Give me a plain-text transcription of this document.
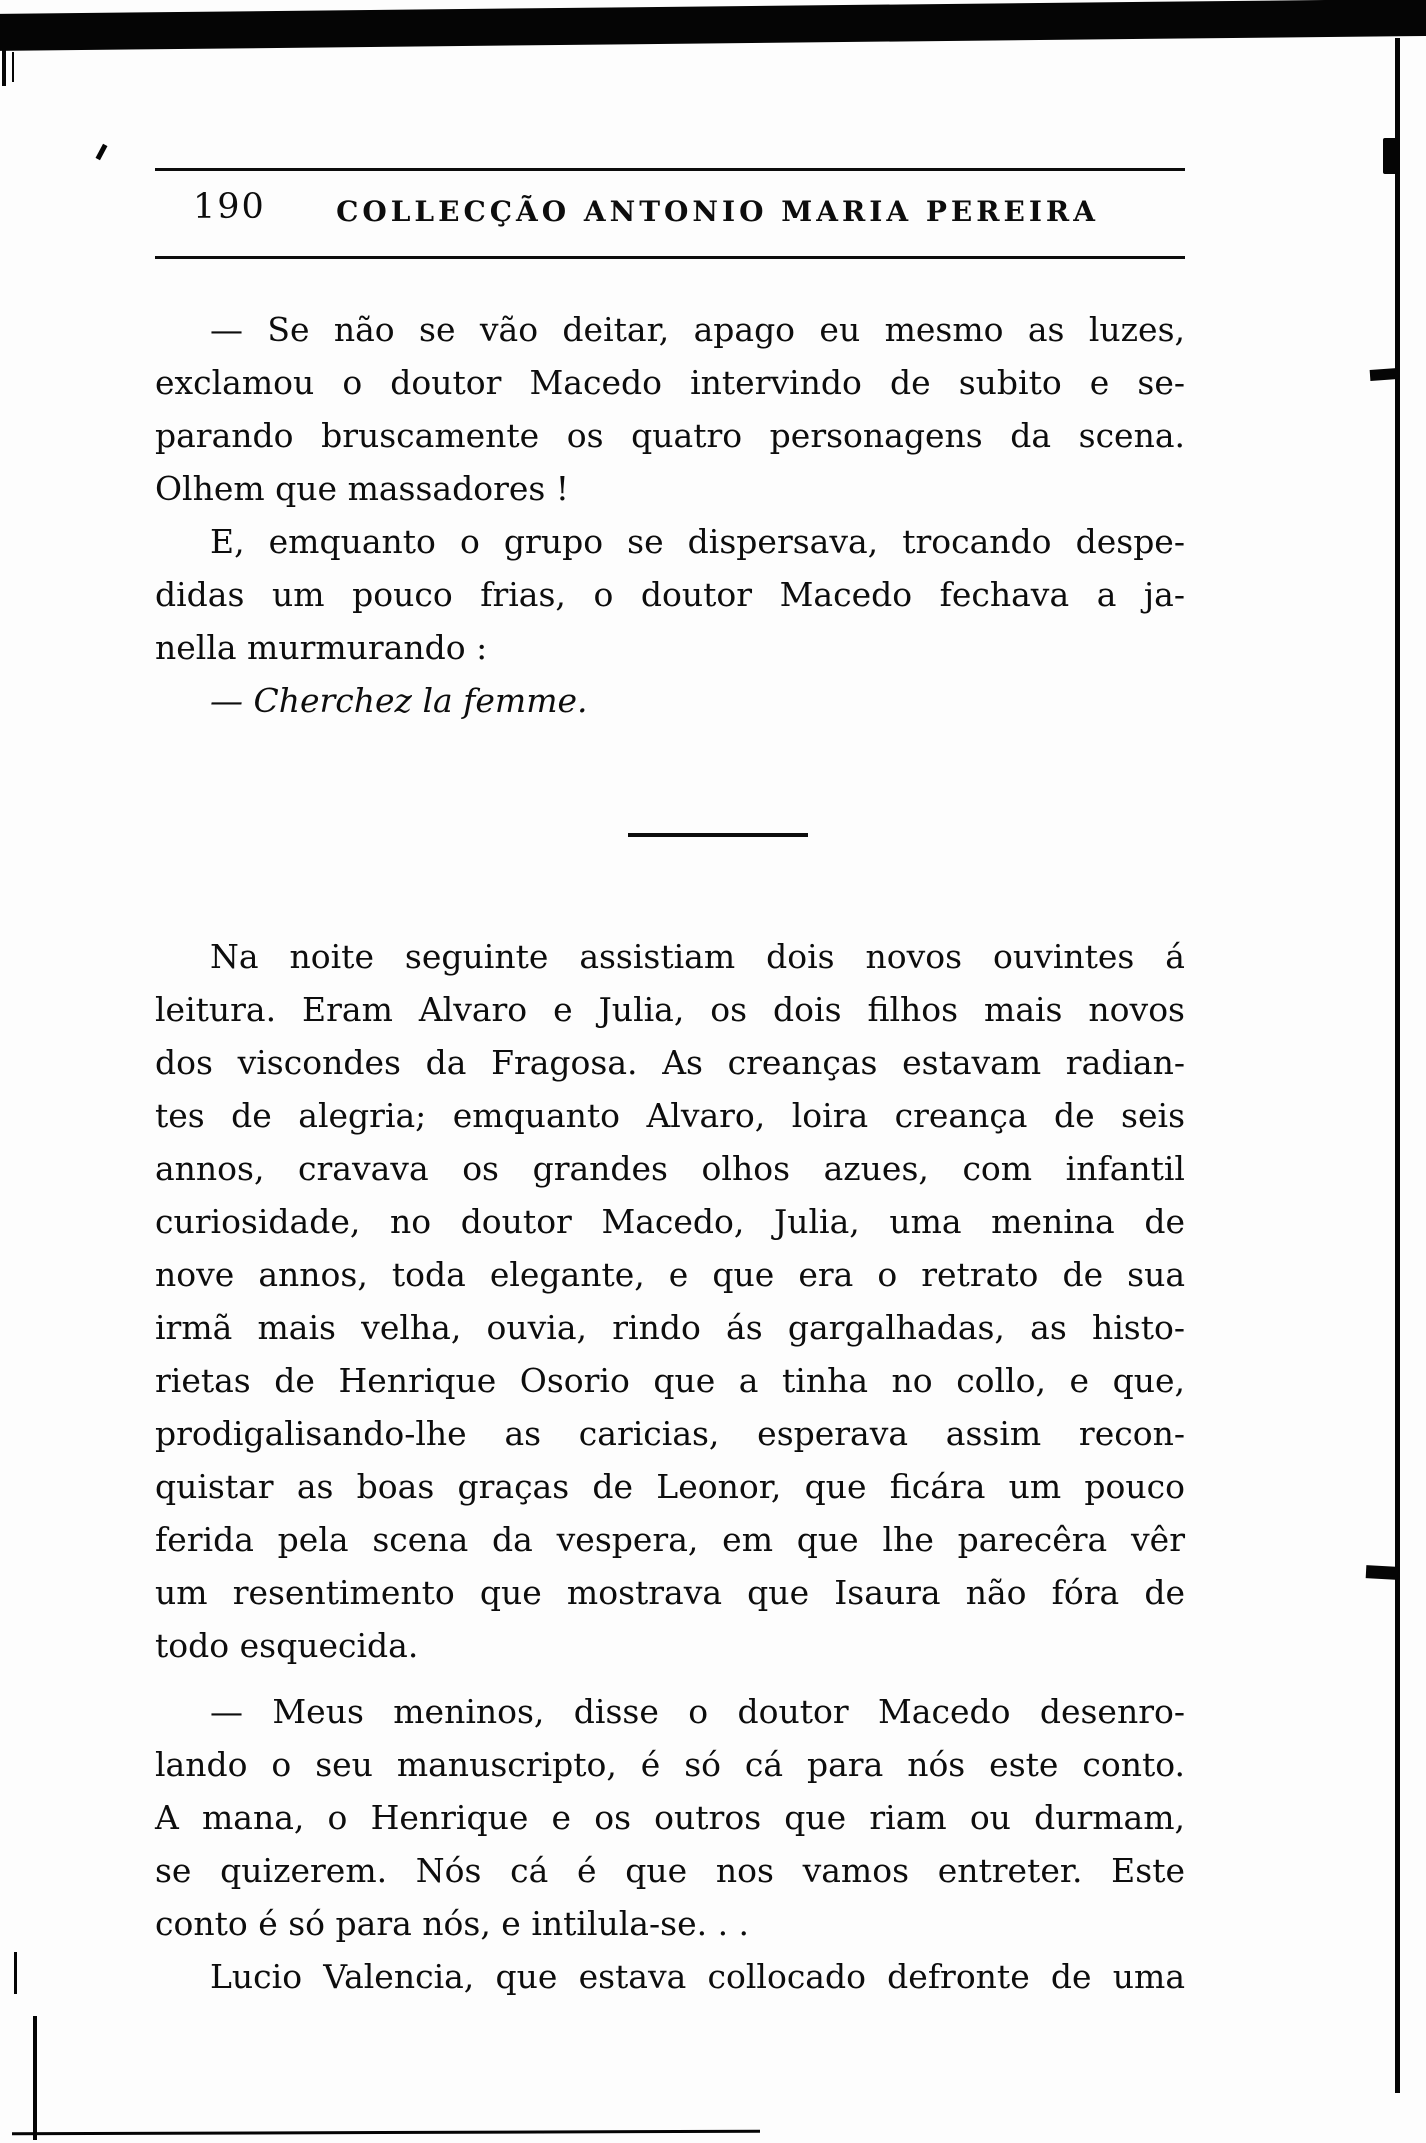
190	COLLECÇÃO ANTONIO MARIA PEREIRA
— Se não se vão deitar, apago eu mesmo as luzes,
exclamou o doutor Macedo intervindo de subito e se-
parando bruscamente os quatro personagens da scena.
Olhem que massadores !
E, emquanto o grupo se dispersava, trocando despe-
didas um pouco frias, o doutor Macedo fechava a ja-
nella murmurando :
— Cherchez la femme.
Na noite seguinte assistiam dois novos ouvintes á
leitura. Eram Alvaro e Julia, os dois filhos mais novos
dos viscondes da Fragosa. As creanças estavam radian-
tes de alegria; emquanto Alvaro, loira creança de seis
annos, cravava os grandes olhos azues, com infantil
curiosidade, no doutor Macedo, Julia, uma menina de
nove annos, toda elegante, e que era o retrato de sua
irmã mais velha, ouvia, rindo ás gargalhadas, as histo-
rietas de Henrique Osorio que a tinha no collo, e que,
prodigalisando-lhe as caricias, esperava assim recon-
quistar as boas graças de Leonor, que ficára um pouco
ferida pela scena da vespera, em que lhe parecêra vêr
um resentimento que mostrava que Isaura não fóra de
todo esquecida.
— Meus meninos, disse o doutor Macedo desenro-
lando o seu manuscripto, é só cá para nós este conto.
A mana, o Henrique e os outros que riam ou durmam,
se quizerem. Nós cá é que nos vamos entreter. Este
conto é só para nós, e intilula-se. . .
Lucio Valencia, que estava collocado defronte de uma
